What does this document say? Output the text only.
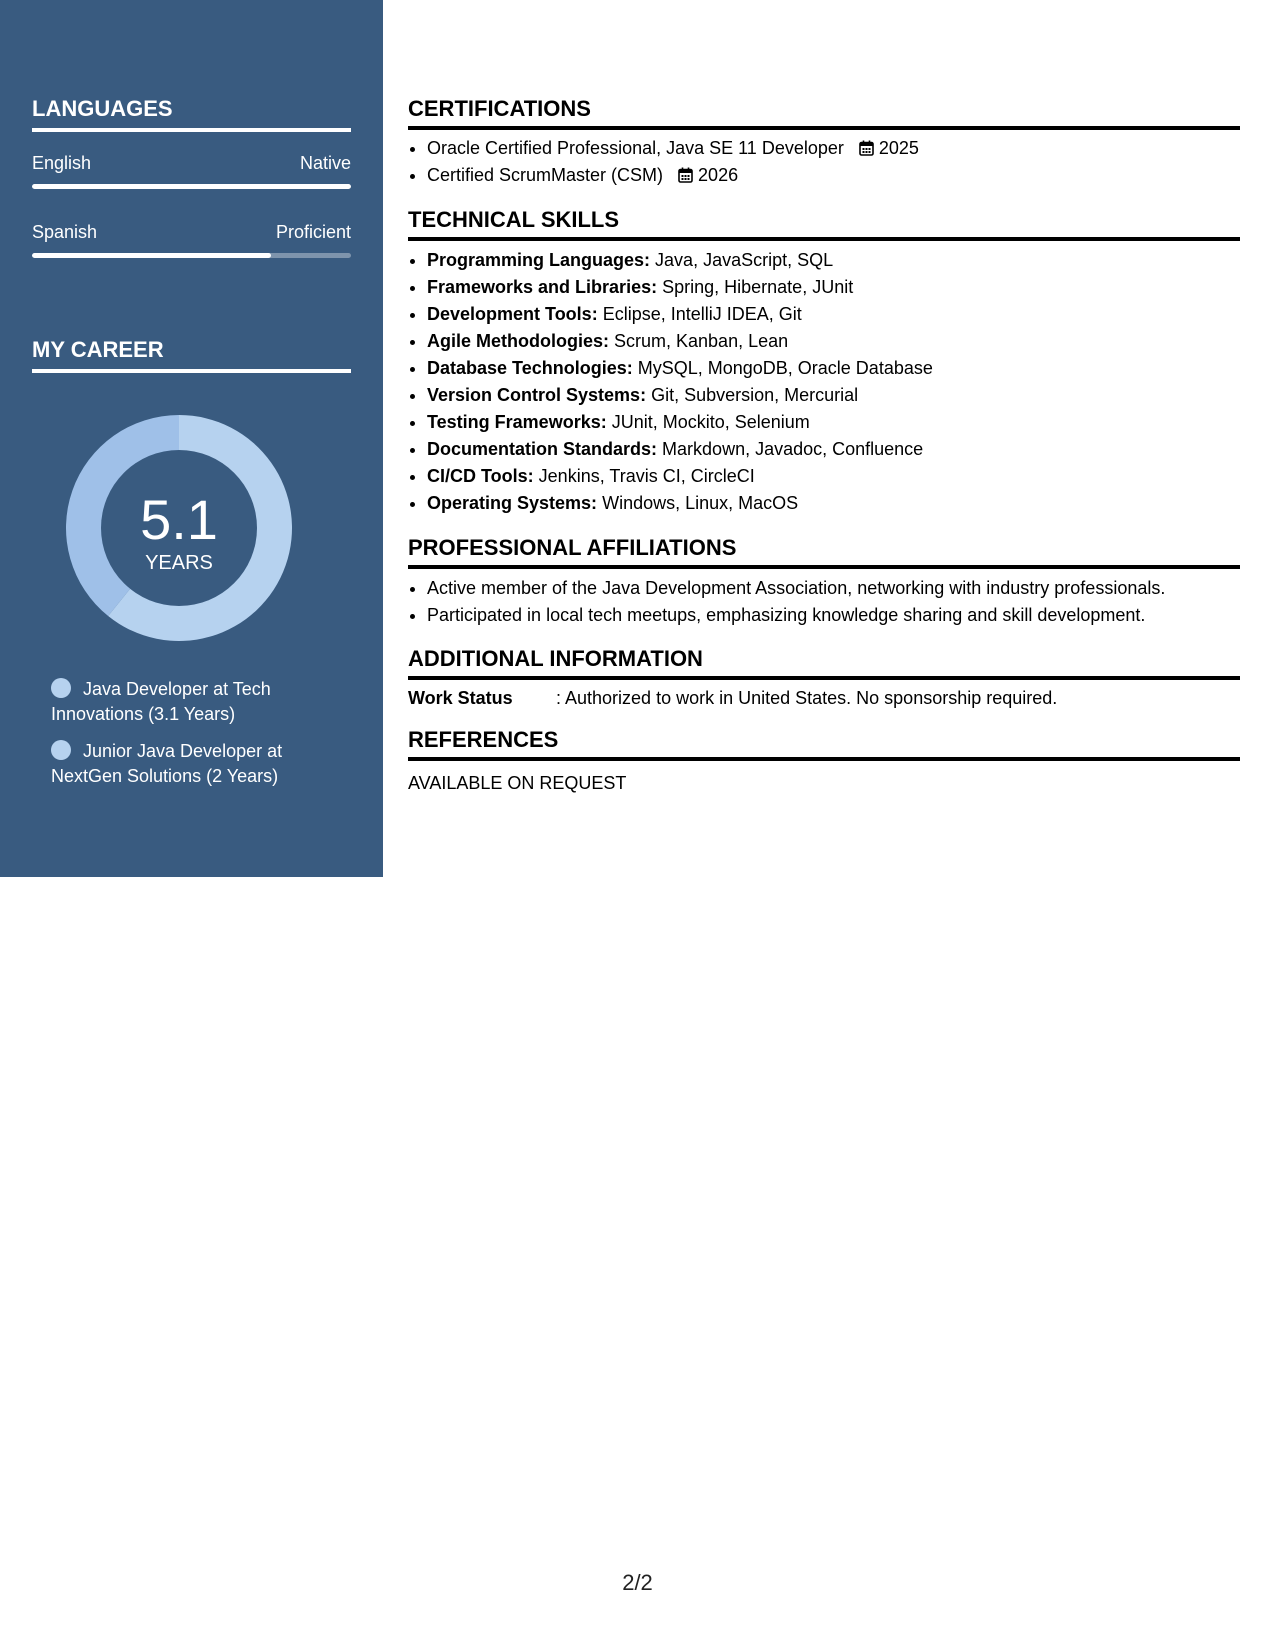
LANGUAGES
English	Native
Spanish	Proficient
MY CAREER
5.1
YEARS
Java Developer at Tech Innovations (3.1 Years)
Junior Java Developer at NextGen Solutions (2 Years)
CERTIFICATIONS
• Oracle Certified Professional, Java SE 11 Developer 2025
• Certified ScrumMaster (CSM) 2026
TECHNICAL SKILLS
• Programming Languages: Java, JavaScript, SQL
• Frameworks and Libraries: Spring, Hibernate, JUnit
• Development Tools: Eclipse, IntelliJ IDEA, Git
• Agile Methodologies: Scrum, Kanban, Lean
• Database Technologies: MySQL, MongoDB, Oracle Database
• Version Control Systems: Git, Subversion, Mercurial
• Testing Frameworks: JUnit, Mockito, Selenium
• Documentation Standards: Markdown, Javadoc, Confluence
• CI/CD Tools: Jenkins, Travis CI, CircleCI
• Operating Systems: Windows, Linux, MacOS
PROFESSIONAL AFFILIATIONS
• Active member of the Java Development Association, networking with industry professionals.
• Participated in local tech meetups, emphasizing knowledge sharing and skill development.
ADDITIONAL INFORMATION
Work Status : Authorized to work in United States. No sponsorship required.
REFERENCES
AVAILABLE ON REQUEST
2/2
